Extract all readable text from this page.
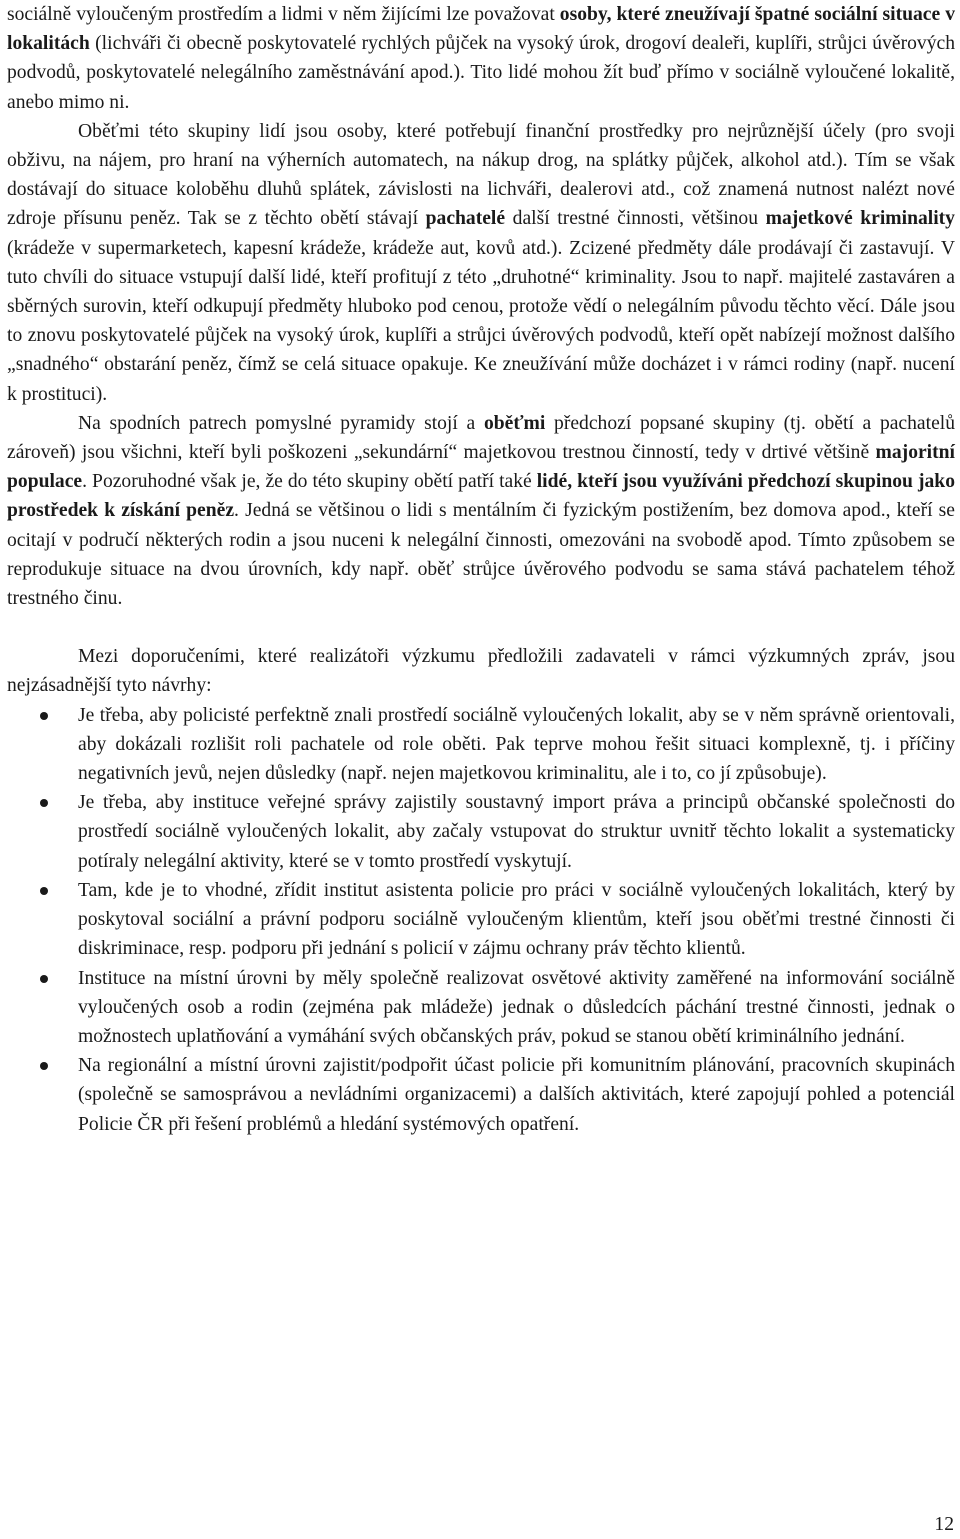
sociálně vyloučeným prostředím a lidmi v něm žijícími lze považovat osoby, které zneužívají špatné sociální situace v lokalitách (lichváři či obecně poskytovatelé rychlých půjček na vysoký úrok, drogoví dealeři, kuplíři, strůjci úvěrových podvodů, poskytovatelé nelegálního zaměstnávání apod.). Tito lidé mohou žít buď přímo v sociálně vyloučené lokalitě, anebo mimo ni.

Oběťmi této skupiny lidí jsou osoby, které potřebují finanční prostředky pro nejrůznější účely (pro svoji obživu, na nájem, pro hraní na výherních automatech, na nákup drog, na splátky půjček, alkohol atd.). Tím se však dostávají do situace koloběhu dluhů splátek, závislosti na lichváři, dealerovi atd., což znamená nutnost nalézt nové zdroje přísunu peněz. Tak se z těchto obětí stávají pachatelé další trestné činnosti, většinou majetkové kriminality (krádeže v supermarketech, kapesní krádeže, krádeže aut, kovů atd.). Zcizené předměty dále prodávají či zastavují. V tuto chvíli do situace vstupují další lidé, kteří profitují z této „druhotné“ kriminality. Jsou to např. majitelé zastaváren a sběrných surovin, kteří odkupují předměty hluboko pod cenou, protože vědí o nelegálním původu těchto věcí. Dále jsou to znovu poskytovatelé půjček na vysoký úrok, kuplíři a strůjci úvěrových podvodů, kteří opět nabízejí možnost dalšího „snadného“ obstarání peněz, čímž se celá situace opakuje. Ke zneužívání může docházet i v rámci rodiny (např. nucení k prostituci).

Na spodních patrech pomyslné pyramidy stojí a oběťmi předchozí popsané skupiny (tj. obětí a pachatelů zároveň) jsou všichni, kteří byli poškozeni „sekundární“ majetkovou trestnou činností, tedy v drtivé většině majoritní populace. Pozoruhodné však je, že do této skupiny obětí patří také lidé, kteří jsou využíváni předchozí skupinou jako prostředek k získání peněz. Jedná se většinou o lidi s mentálním či fyzickým postižením, bez domova apod., kteří se ocitají v područí některých rodin a jsou nuceni k nelegální činnosti, omezováni na svobodě apod. Tímto způsobem se reprodukuje situace na dvou úrovních, kdy např. oběť strůjce úvěrového podvodu se sama stává pachatelem téhož trestného činu.

Mezi doporučeními, které realizátoři výzkumu předložili zadavateli v rámci výzkumných zpráv, jsou nejzásadnější tyto návrhy:

Je třeba, aby policisté perfektně znali prostředí sociálně vyloučených lokalit, aby se v něm správně orientovali, aby dokázali rozlišit roli pachatele od role oběti. Pak teprve mohou řešit situaci komplexně, tj. i příčiny negativních jevů, nejen důsledky (např. nejen majetkovou kriminalitu, ale i to, co jí způsobuje).
Je třeba, aby instituce veřejné správy zajistily soustavný import práva a principů občanské společnosti do prostředí sociálně vyloučených lokalit, aby začaly vstupovat do struktur uvnitř těchto lokalit a systematicky potíraly nelegální aktivity, které se v tomto prostředí vyskytují.
Tam, kde je to vhodné, zřídit institut asistenta policie pro práci v sociálně vyloučených lokalitách, který by poskytoval sociální a právní podporu sociálně vyloučeným klientům, kteří jsou oběťmi trestné činnosti či diskriminace, resp. podporu při jednání s policií v zájmu ochrany práv těchto klientů.
Instituce na místní úrovni by měly společně realizovat osvětové aktivity zaměřené na informování sociálně vyloučených osob a rodin (zejména pak mládeže) jednak o důsledcích páchání trestné činnosti, jednak o možnostech uplatňování a vymáhání svých občanských práv, pokud se stanou obětí kriminálního jednání.
Na regionální a místní úrovni zajistit/podpořit účast policie při komunitním plánování, pracovních skupinách (společně se samosprávou a nevládními organizacemi) a dalších aktivitách, které zapojují pohled a potenciál Policie ČR při řešení problémů a hledání systémových opatření.
12
